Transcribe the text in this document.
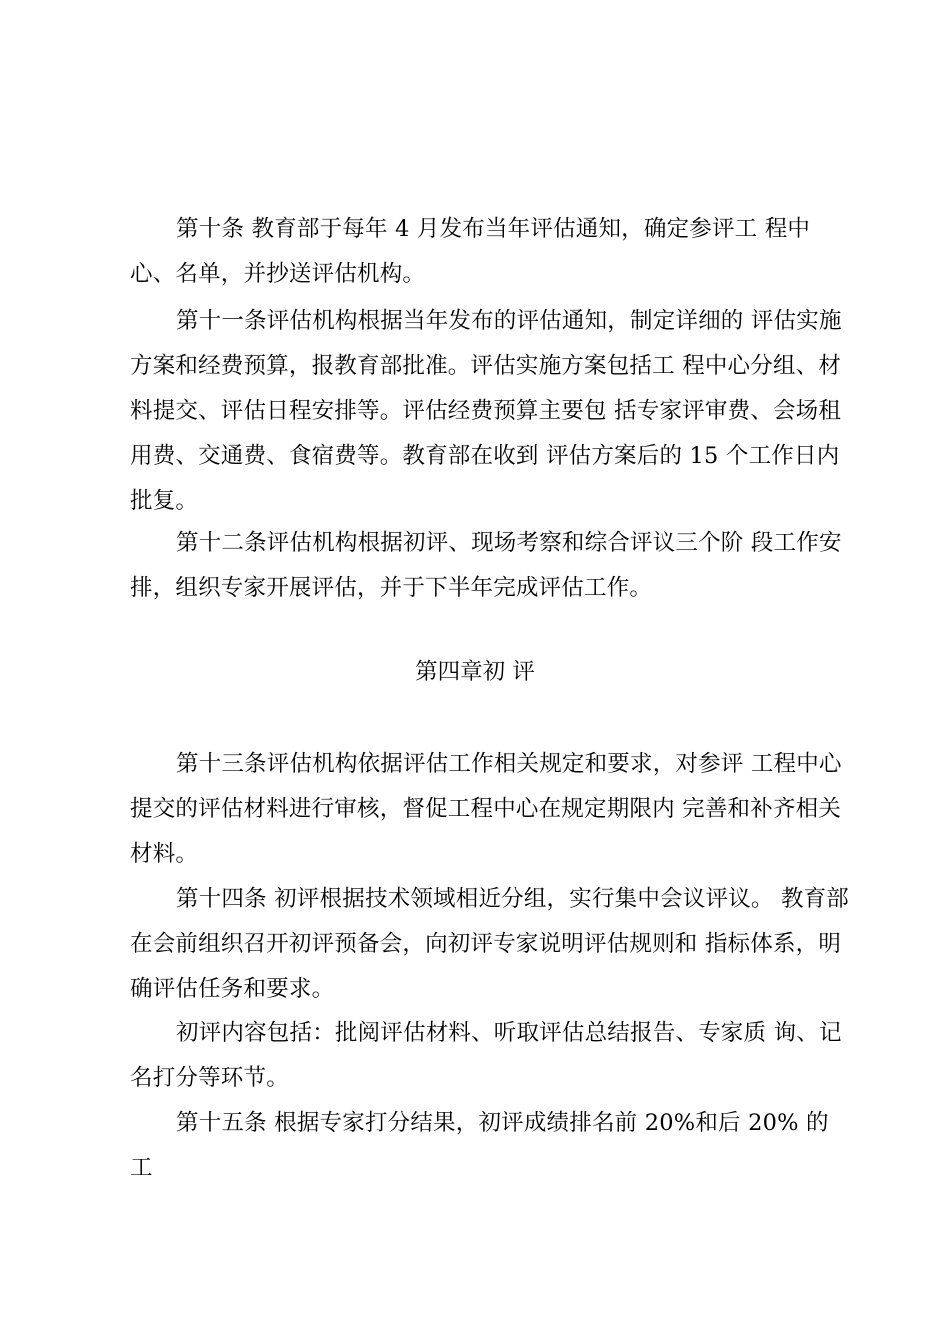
第十条 教育部于每年 4 月发布当年评估通知，确定参评工 程中心、名单，并抄送评估机构。

第十一条评估机构根据当年发布的评估通知，制定详细的 评估实施方案和经费预算，报教育部批准。评估实施方案包括工 程中心分组、材料提交、评估日程安排等。评估经费预算主要包 括专家评审费、会场租用费、交通费、食宿费等。教育部在收到 评估方案后的 15 个工作日内批复。

第十二条评估机构根据初评、现场考察和综合评议三个阶 段工作安排，组织专家开展评估，并于下半年完成评估工作。

第四章初 评

第十三条评估机构依据评估工作相关规定和要求，对参评 工程中心提交的评估材料进行审核，督促工程中心在规定期限内 完善和补齐相关材料。

第十四条 初评根据技术领域相近分组，实行集中会议评议。 教育部在会前组织召开初评预备会，向初评专家说明评估规则和 指标体系，明确评估任务和要求。

初评内容包括：批阅评估材料、听取评估总结报告、专家质 询、记名打分等环节。

第十五条 根据专家打分结果，初评成绩排名前 20%和后 20% 的工
